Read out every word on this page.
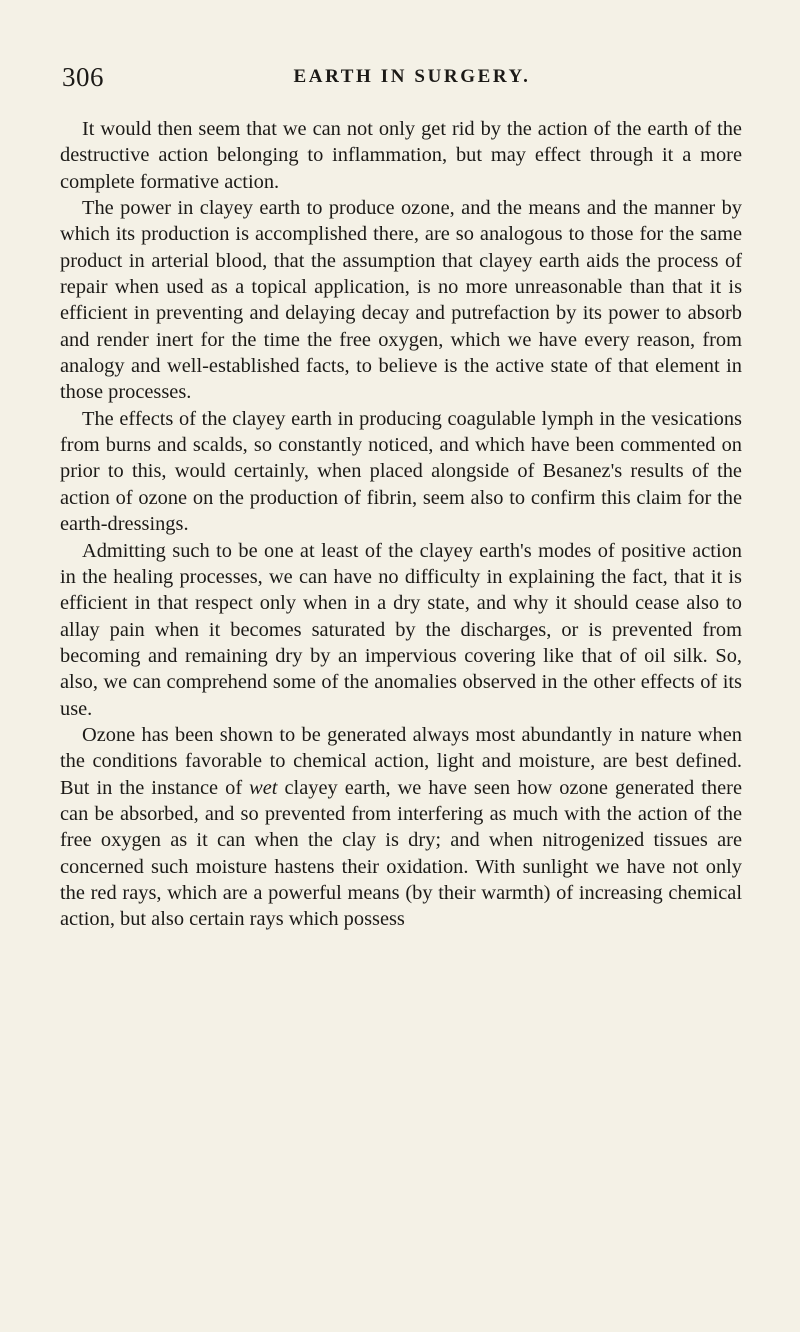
306	EARTH IN SURGERY.

It would then seem that we can not only get rid by the action of the earth of the destructive action belonging to inflammation, but may effect through it a more complete formative action.

The power in clayey earth to produce ozone, and the means and the manner by which its production is accomplished there, are so analogous to those for the same product in arterial blood, that the assumption that clayey earth aids the process of repair when used as a topical application, is no more unreasonable than that it is efficient in preventing and delaying decay and putrefaction by its power to absorb and render inert for the time the free oxygen, which we have every reason, from analogy and well-established facts, to believe is the active state of that element in those processes.

The effects of the clayey earth in producing coagulable lymph in the vesications from burns and scalds, so constantly noticed, and which have been commented on prior to this, would certainly, when placed alongside of Besanez's results of the action of ozone on the production of fibrin, seem also to confirm this claim for the earth-dressings.

Admitting such to be one at least of the clayey earth's modes of positive action in the healing processes, we can have no difficulty in explaining the fact, that it is efficient in that respect only when in a dry state, and why it should cease also to allay pain when it becomes saturated by the discharges, or is prevented from becoming and remaining dry by an impervious covering like that of oil silk. So, also, we can comprehend some of the anomalies observed in the other effects of its use.

Ozone has been shown to be generated always most abundantly in nature when the conditions favorable to chemical action, light and moisture, are best defined. But in the instance of wet clayey earth, we have seen how ozone generated there can be absorbed, and so prevented from interfering as much with the action of the free oxygen as it can when the clay is dry; and when nitrogenized tissues are concerned such moisture hastens their oxidation. With sunlight we have not only the red rays, which are a powerful means (by their warmth) of increasing chemical action, but also certain rays which possess
